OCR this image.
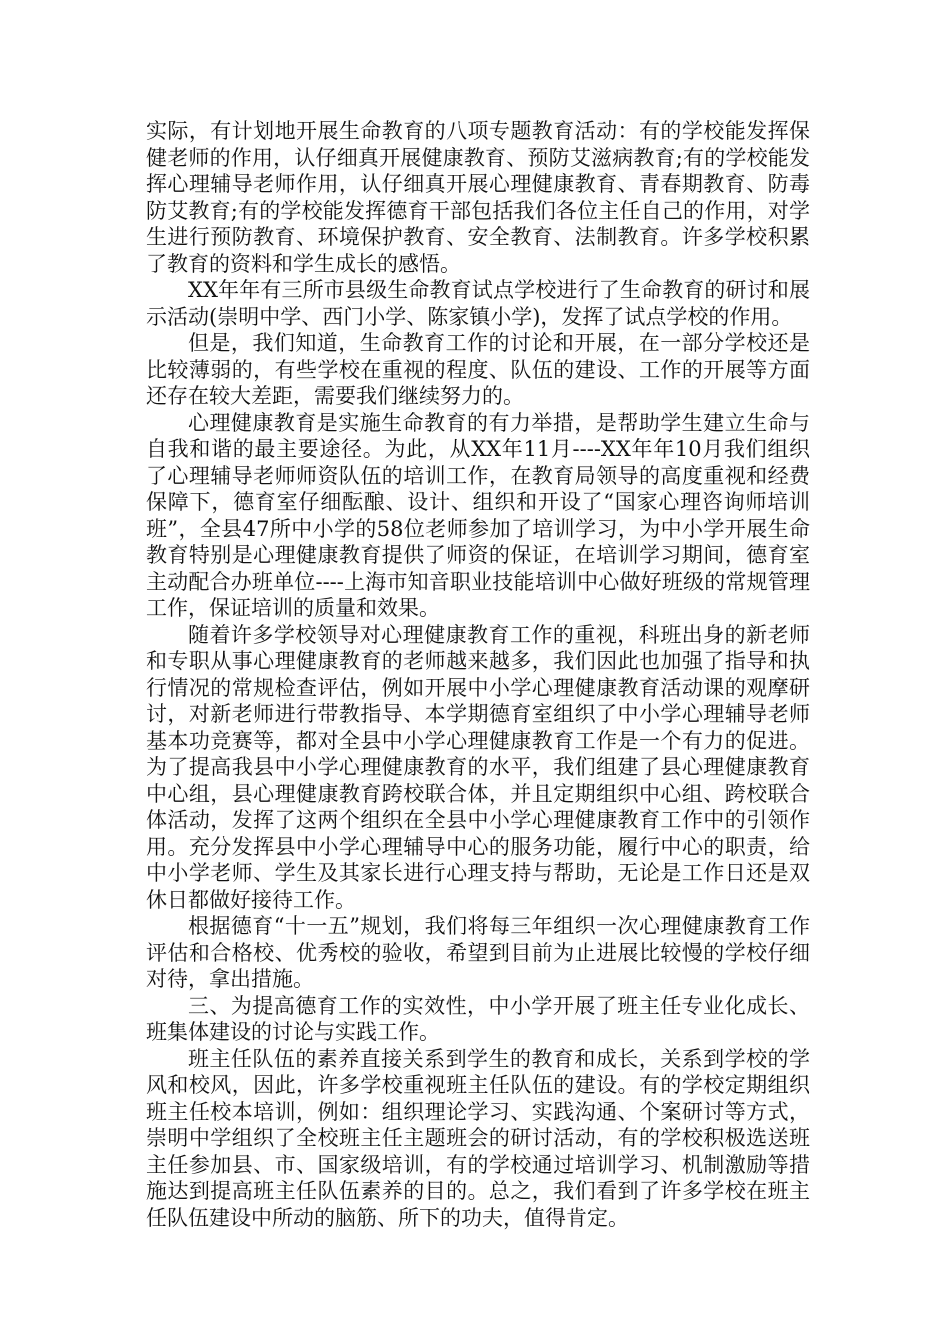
实际，有计划地开展生命教育的八项专题教育活动：有的学校能发挥保健老师的作用，认仔细真开展健康教育、预防艾滋病教育;有的学校能发挥心理辅导老师作用，认仔细真开展心理健康教育、青春期教育、防毒防艾教育;有的学校能发挥德育干部包括我们各位主任自己的作用，对学生进行预防教育、环境保护教育、安全教育、法制教育。许多学校积累了教育的资料和学生成长的感悟。

XX年年有三所市县级生命教育试点学校进行了生命教育的研讨和展示活动(崇明中学、西门小学、陈家镇小学)，发挥了试点学校的作用。

但是，我们知道，生命教育工作的讨论和开展，在一部分学校还是比较薄弱的，有些学校在重视的程度、队伍的建设、工作的开展等方面还存在较大差距，需要我们继续努力的。

心理健康教育是实施生命教育的有力举措，是帮助学生建立生命与自我和谐的最主要途径。为此，从XX年11月----XX年年10月我们组织了心理辅导老师师资队伍的培训工作，在教育局领导的高度重视和经费保障下，德育室仔细酝酿、设计、组织和开设了“国家心理咨询师培训班”，全县47所中小学的58位老师参加了培训学习，为中小学开展生命教育特别是心理健康教育提供了师资的保证，在培训学习期间，德育室主动配合办班单位----上海市知音职业技能培训中心做好班级的常规管理工作，保证培训的质量和效果。

随着许多学校领导对心理健康教育工作的重视，科班出身的新老师和专职从事心理健康教育的老师越来越多，我们因此也加强了指导和执行情况的常规检查评估，例如开展中小学心理健康教育活动课的观摩研讨，对新老师进行带教指导、本学期德育室组织了中小学心理辅导老师基本功竞赛等，都对全县中小学心理健康教育工作是一个有力的促进。为了提高我县中小学心理健康教育的水平，我们组建了县心理健康教育中心组，县心理健康教育跨校联合体，并且定期组织中心组、跨校联合体活动，发挥了这两个组织在全县中小学心理健康教育工作中的引领作用。充分发挥县中小学心理辅导中心的服务功能，履行中心的职责，给中小学老师、学生及其家长进行心理支持与帮助，无论是工作日还是双休日都做好接待工作。

根据德育“十一五”规划，我们将每三年组织一次心理健康教育工作评估和合格校、优秀校的验收，希望到目前为止进展比较慢的学校仔细对待，拿出措施。

三、为提高德育工作的实效性，中小学开展了班主任专业化成长、班集体建设的讨论与实践工作。

班主任队伍的素养直接关系到学生的教育和成长，关系到学校的学风和校风，因此，许多学校重视班主任队伍的建设。有的学校定期组织班主任校本培训，例如：组织理论学习、实践沟通、个案研讨等方式，崇明中学组织了全校班主任主题班会的研讨活动，有的学校积极选送班主任参加县、市、国家级培训，有的学校通过培训学习、机制激励等措施达到提高班主任队伍素养的目的。总之，我们看到了许多学校在班主任队伍建设中所动的脑筋、所下的功夫，值得肯定。
